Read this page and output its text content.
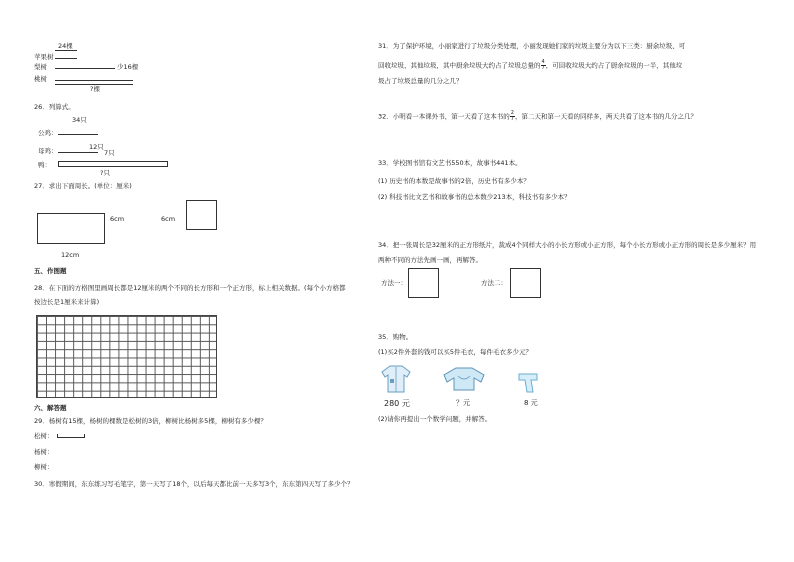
24棵
苹果树
梨树	少16棵
桃树
?棵
26．列算式。
34只
公鸡：
12只
7只
母鸡：
鸭：
?只
27．求出下面周长。(单位：厘米)
6cm
12cm
6cm
五、作图题
28．在下面的方格图里画周长都是12厘米的两个不同的长方形和一个正方形，标上相关数据。(每个小方格都按边长是1厘米来计算)
六、解答题
29．杨树有15棵，杨树的棵数是松树的3倍，柳树比杨树多5棵，柳树有多少棵？
松树：
杨树：
柳树：
30．寒假期间，东东练习写毛笔字，第一天写了18个，以后每天都比前一天多写3个，东东第四天写了多少个？
31．为了保护环境，小丽家进行了垃圾分类处理，小丽发现她们家的垃圾主要分为以下三类：厨余垃圾、可
回收垃圾、其他垃圾，其中厨余垃圾大约占了垃圾总量的 $\frac{4}{7}$ ，可回收垃圾大约占了厨余垃圾的一半，其他垃
圾占了垃圾总量的几分之几？
32．小明看一本课外书，第一天看了这本书的 $\frac{2}{7}$ ，第二天和第一天看的同样多，两天共看了这本书的几分之几？
33．学校图书馆有文艺书550本，故事书441本。
(1) 历史书的本数是故事书的2倍，历史书有多少本？
(2) 科技书比文艺书和故事书的总本数少213本，科技书有多少本？
34．把一张周长是32厘米的正方形纸片，裁成4个同样大小的小长方形或小正方形，每个小长方形或小正方形的周长是多少厘米？用两种不同的方法先画一画，再解答。
方法一：	方法二：
35．购物。
(1)买2件外套的钱可以买5件毛衣，每件毛衣多少元？
280 元	？元	8 元
(2)请你再提出一个数学问题，并解答。
